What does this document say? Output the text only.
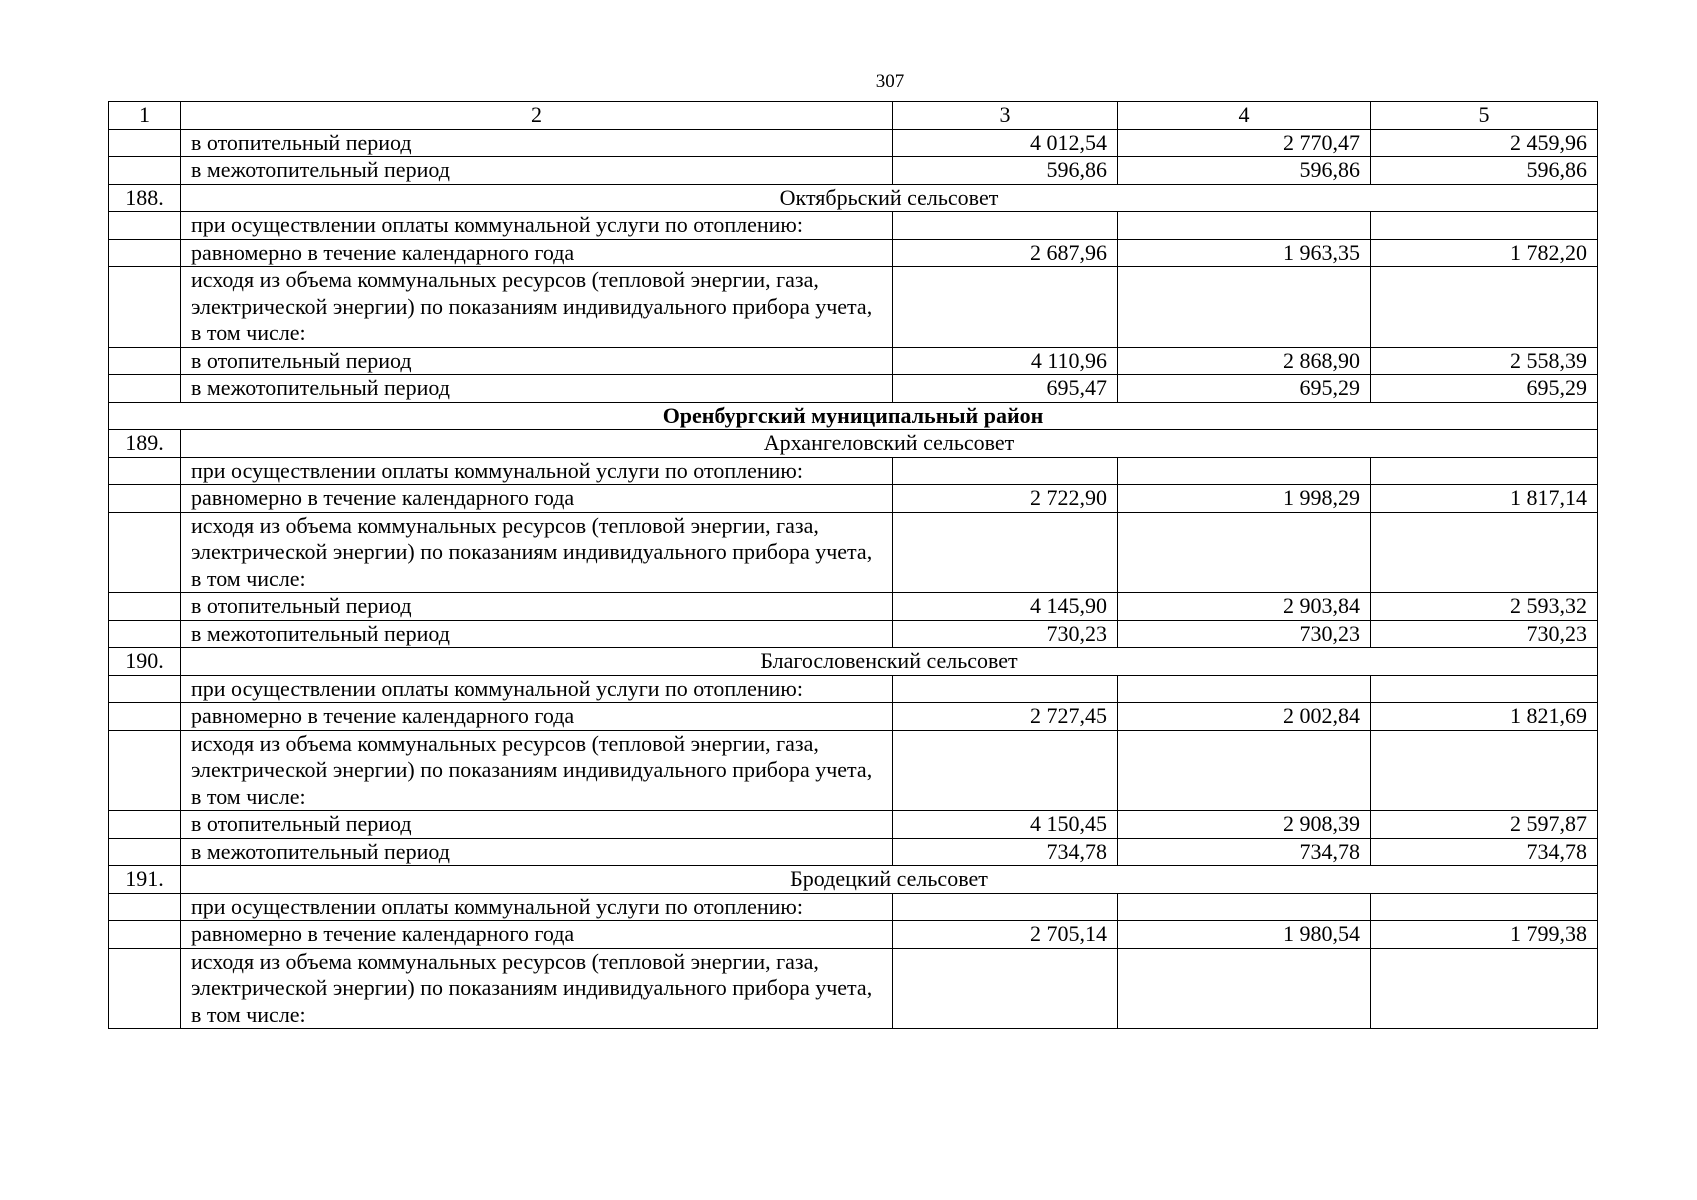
307
1	2	3	4	5
	в отопительный период	4 012,54	2 770,47	2 459,96
	в межотопительный период	596,86	596,86	596,86
188.	Октябрьский сельсовет			
	при осуществлении оплаты коммунальной услуги по отоплению:			
	равномерно в течение календарного года	2 687,96	1 963,35	1 782,20
	исходя из объема коммунальных ресурсов (тепловой энергии, газа, электрической энергии) по показаниям индивидуального прибора учета, в том числе:			
	в отопительный период	4 110,96	2 868,90	2 558,39
	в межотопительный период	695,47	695,29	695,29
Оренбургский муниципальный район				
189.	Архангеловский сельсовет			
	при осуществлении оплаты коммунальной услуги по отоплению:			
	равномерно в течение календарного года	2 722,90	1 998,29	1 817,14
	исходя из объема коммунальных ресурсов (тепловой энергии, газа, электрической энергии) по показаниям индивидуального прибора учета, в том числе:			
	в отопительный период	4 145,90	2 903,84	2 593,32
	в межотопительный период	730,23	730,23	730,23
190.	Благословенский сельсовет			
	при осуществлении оплаты коммунальной услуги по отоплению:			
	равномерно в течение календарного года	2 727,45	2 002,84	1 821,69
	исходя из объема коммунальных ресурсов (тепловой энергии, газа, электрической энергии) по показаниям индивидуального прибора учета, в том числе:			
	в отопительный период	4 150,45	2 908,39	2 597,87
	в межотопительный период	734,78	734,78	734,78
191.	Бродецкий сельсовет			
	при осуществлении оплаты коммунальной услуги по отоплению:			
	равномерно в течение календарного года	2 705,14	1 980,54	1 799,38
	исходя из объема коммунальных ресурсов (тепловой энергии, газа, электрической энергии) по показаниям индивидуального прибора учета, в том числе:			
